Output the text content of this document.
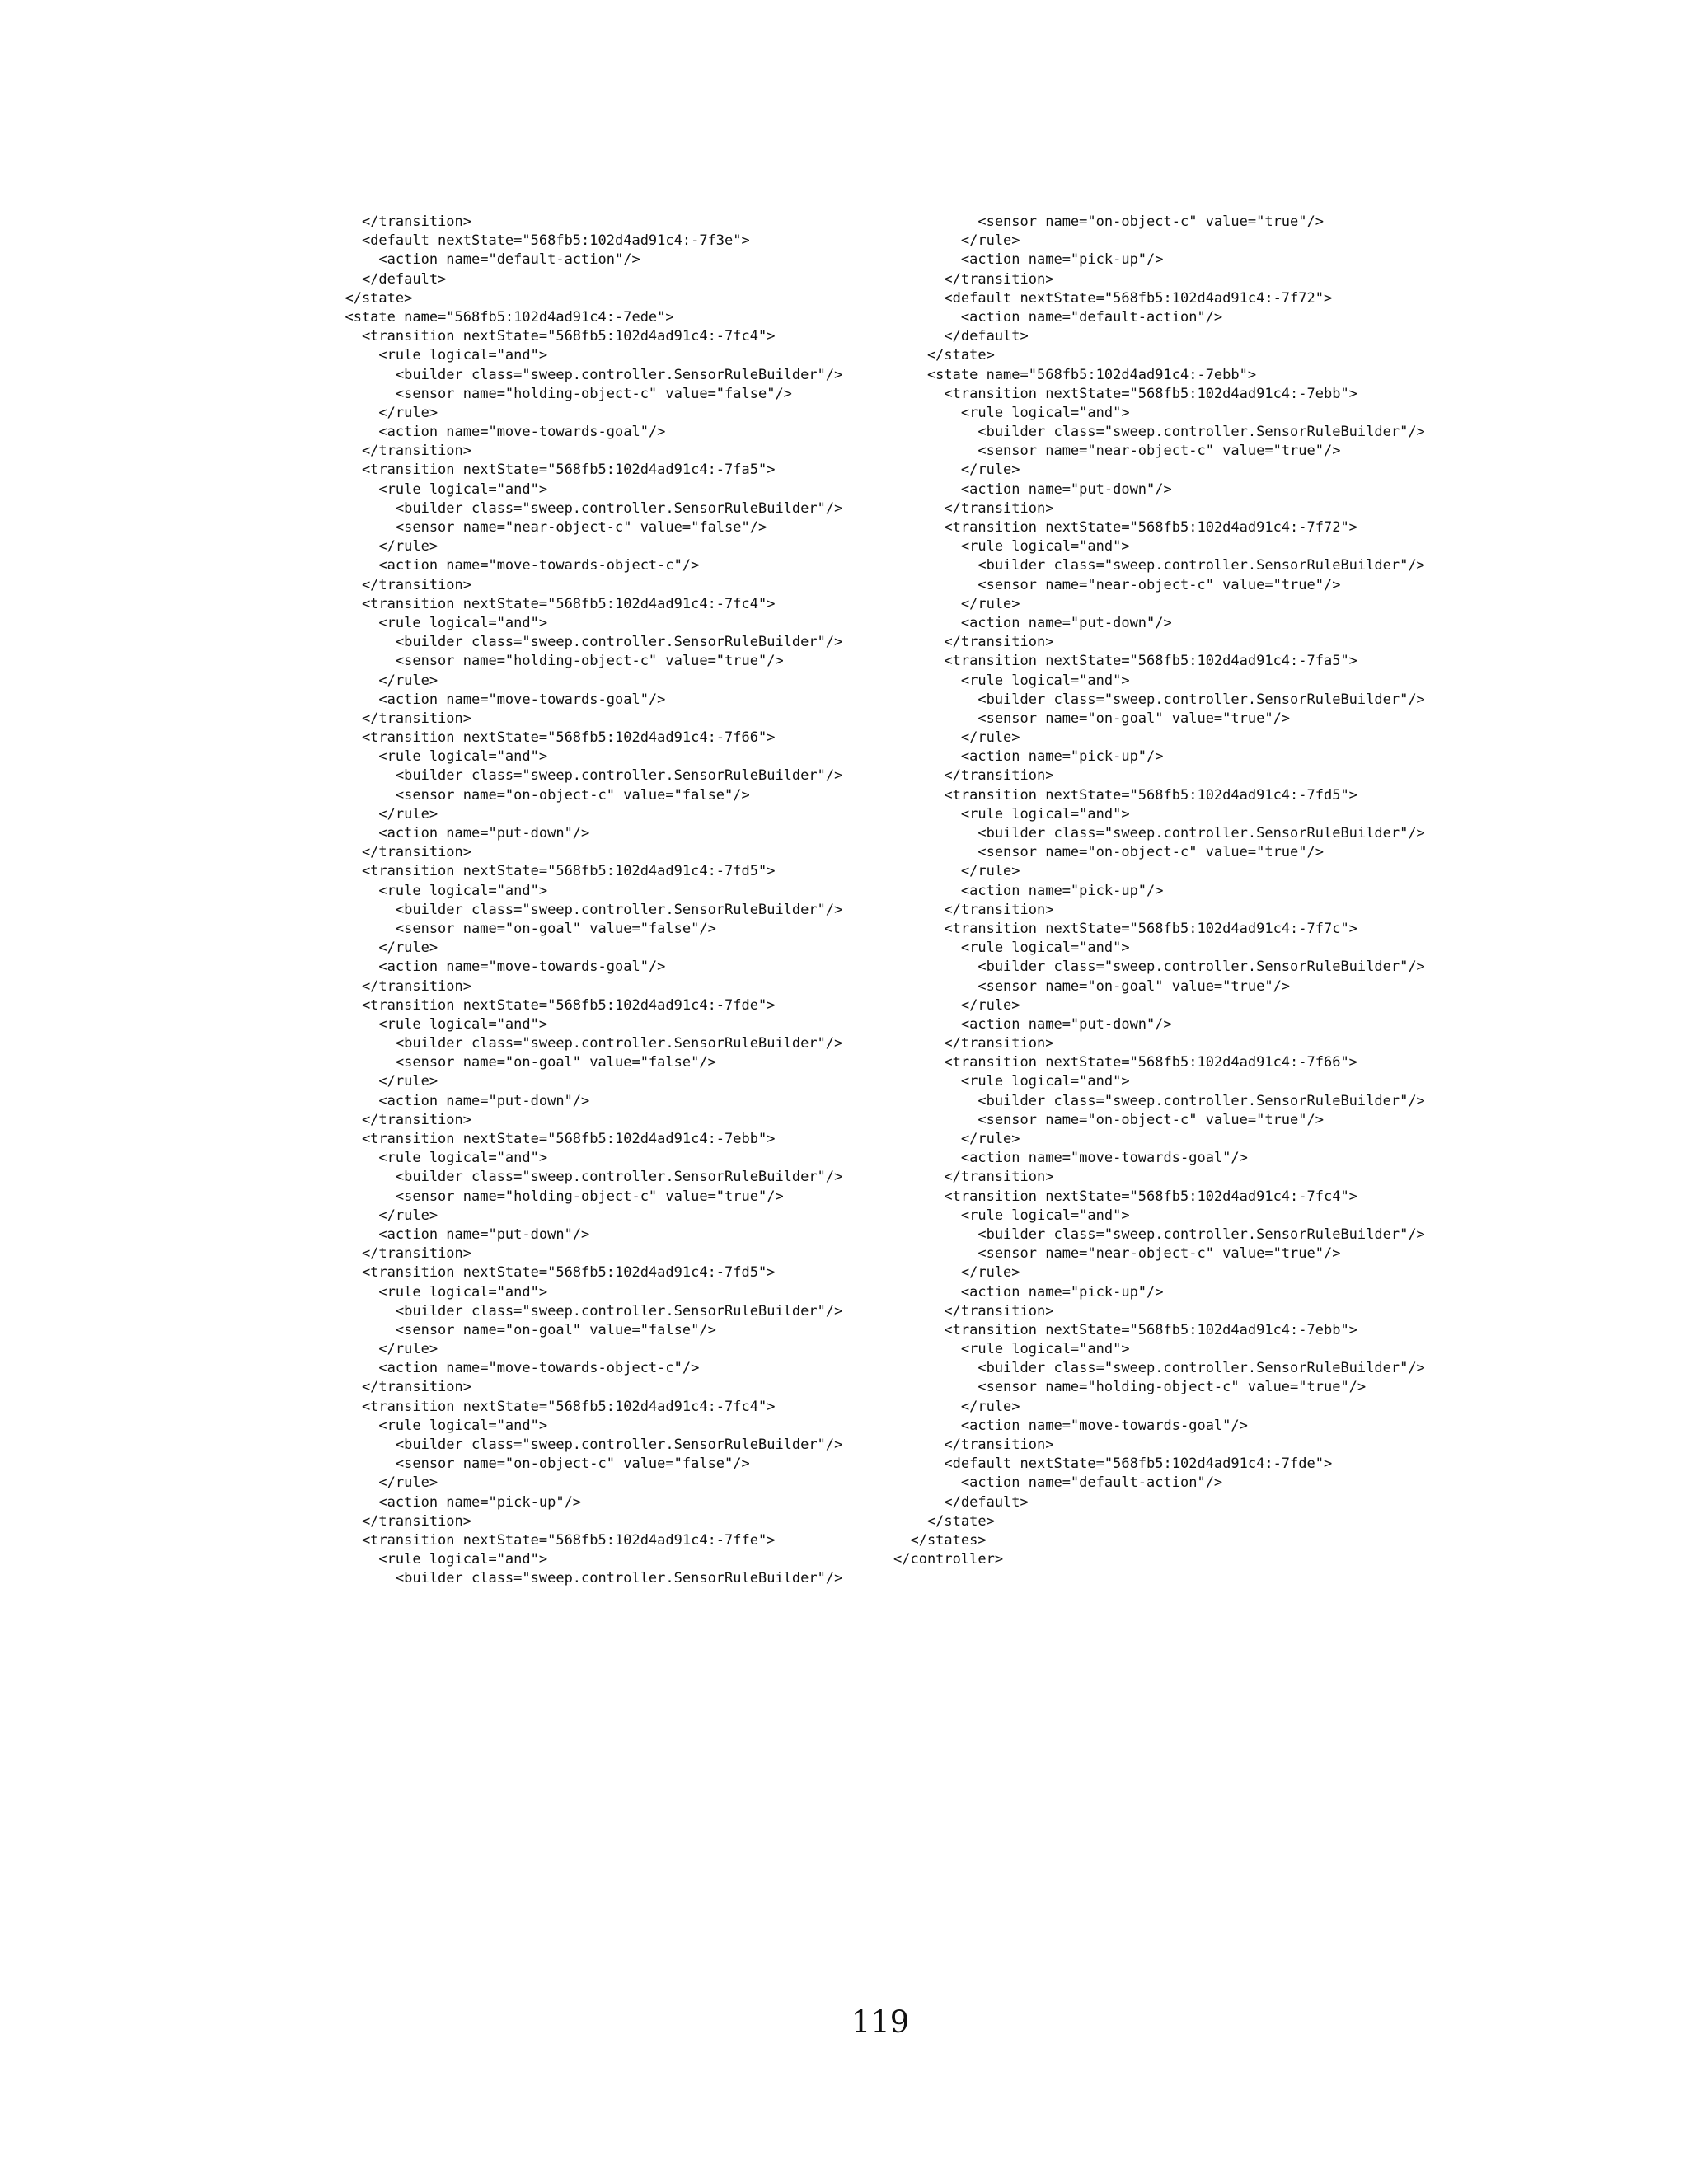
</transition>
<default nextState="568fb5:102d4ad91c4:-7f3e">
<action name="default-action"/>
</default>
</state>
<state name="568fb5:102d4ad91c4:-7ede">
<transition nextState="568fb5:102d4ad91c4:-7fc4">
<rule logical="and">
<builder class="sweep.controller.SensorRuleBuilder"/>
<sensor name="holding-object-c" value="false"/>
</rule>
<action name="move-towards-goal"/>
</transition>
<transition nextState="568fb5:102d4ad91c4:-7fa5">
<rule logical="and">
<builder class="sweep.controller.SensorRuleBuilder"/>
<sensor name="near-object-c" value="false"/>
</rule>
<action name="move-towards-object-c"/>
</transition>
<transition nextState="568fb5:102d4ad91c4:-7fc4">
<rule logical="and">
<builder class="sweep.controller.SensorRuleBuilder"/>
<sensor name="holding-object-c" value="true"/>
</rule>
<action name="move-towards-goal"/>
</transition>
<transition nextState="568fb5:102d4ad91c4:-7f66">
<rule logical="and">
<builder class="sweep.controller.SensorRuleBuilder"/>
<sensor name="on-object-c" value="false"/>
</rule>
<action name="put-down"/>
</transition>
<transition nextState="568fb5:102d4ad91c4:-7fd5">
<rule logical="and">
<builder class="sweep.controller.SensorRuleBuilder"/>
<sensor name="on-goal" value="false"/>
</rule>
<action name="move-towards-goal"/>
</transition>
<transition nextState="568fb5:102d4ad91c4:-7fde">
<rule logical="and">
<builder class="sweep.controller.SensorRuleBuilder"/>
<sensor name="on-goal" value="false"/>
</rule>
<action name="put-down"/>
</transition>
<transition nextState="568fb5:102d4ad91c4:-7ebb">
<rule logical="and">
<builder class="sweep.controller.SensorRuleBuilder"/>
<sensor name="holding-object-c" value="true"/>
</rule>
<action name="put-down"/>
</transition>
<transition nextState="568fb5:102d4ad91c4:-7fd5">
<rule logical="and">
<builder class="sweep.controller.SensorRuleBuilder"/>
<sensor name="on-goal" value="false"/>
</rule>
<action name="move-towards-object-c"/>
</transition>
<transition nextState="568fb5:102d4ad91c4:-7fc4">
<rule logical="and">
<builder class="sweep.controller.SensorRuleBuilder"/>
<sensor name="on-object-c" value="false"/>
</rule>
<action name="pick-up"/>
</transition>
<transition nextState="568fb5:102d4ad91c4:-7ffe">
<rule logical="and">
<builder class="sweep.controller.SensorRuleBuilder"/>
<sensor name="on-object-c" value="true"/>
</rule>
<action name="pick-up"/>
</transition>
<default nextState="568fb5:102d4ad91c4:-7f72">
<action name="default-action"/>
</default>
</state>
<state name="568fb5:102d4ad91c4:-7ebb">
<transition nextState="568fb5:102d4ad91c4:-7ebb">
<rule logical="and">
<builder class="sweep.controller.SensorRuleBuilder"/>
<sensor name="near-object-c" value="true"/>
</rule>
<action name="put-down"/>
</transition>
<transition nextState="568fb5:102d4ad91c4:-7f72">
<rule logical="and">
<builder class="sweep.controller.SensorRuleBuilder"/>
<sensor name="near-object-c" value="true"/>
</rule>
<action name="put-down"/>
</transition>
<transition nextState="568fb5:102d4ad91c4:-7fa5">
<rule logical="and">
<builder class="sweep.controller.SensorRuleBuilder"/>
<sensor name="on-goal" value="true"/>
</rule>
<action name="pick-up"/>
</transition>
<transition nextState="568fb5:102d4ad91c4:-7fd5">
<rule logical="and">
<builder class="sweep.controller.SensorRuleBuilder"/>
<sensor name="on-object-c" value="true"/>
</rule>
<action name="pick-up"/>
</transition>
<transition nextState="568fb5:102d4ad91c4:-7f7c">
<rule logical="and">
<builder class="sweep.controller.SensorRuleBuilder"/>
<sensor name="on-goal" value="true"/>
</rule>
<action name="put-down"/>
</transition>
<transition nextState="568fb5:102d4ad91c4:-7f66">
<rule logical="and">
<builder class="sweep.controller.SensorRuleBuilder"/>
<sensor name="on-object-c" value="true"/>
</rule>
<action name="move-towards-goal"/>
</transition>
<transition nextState="568fb5:102d4ad91c4:-7fc4">
<rule logical="and">
<builder class="sweep.controller.SensorRuleBuilder"/>
<sensor name="near-object-c" value="true"/>
</rule>
<action name="pick-up"/>
</transition>
<transition nextState="568fb5:102d4ad91c4:-7ebb">
<rule logical="and">
<builder class="sweep.controller.SensorRuleBuilder"/>
<sensor name="holding-object-c" value="true"/>
</rule>
<action name="move-towards-goal"/>
</transition>
<default nextState="568fb5:102d4ad91c4:-7fde">
<action name="default-action"/>
</default>
</state>
</states>
</controller>
119
